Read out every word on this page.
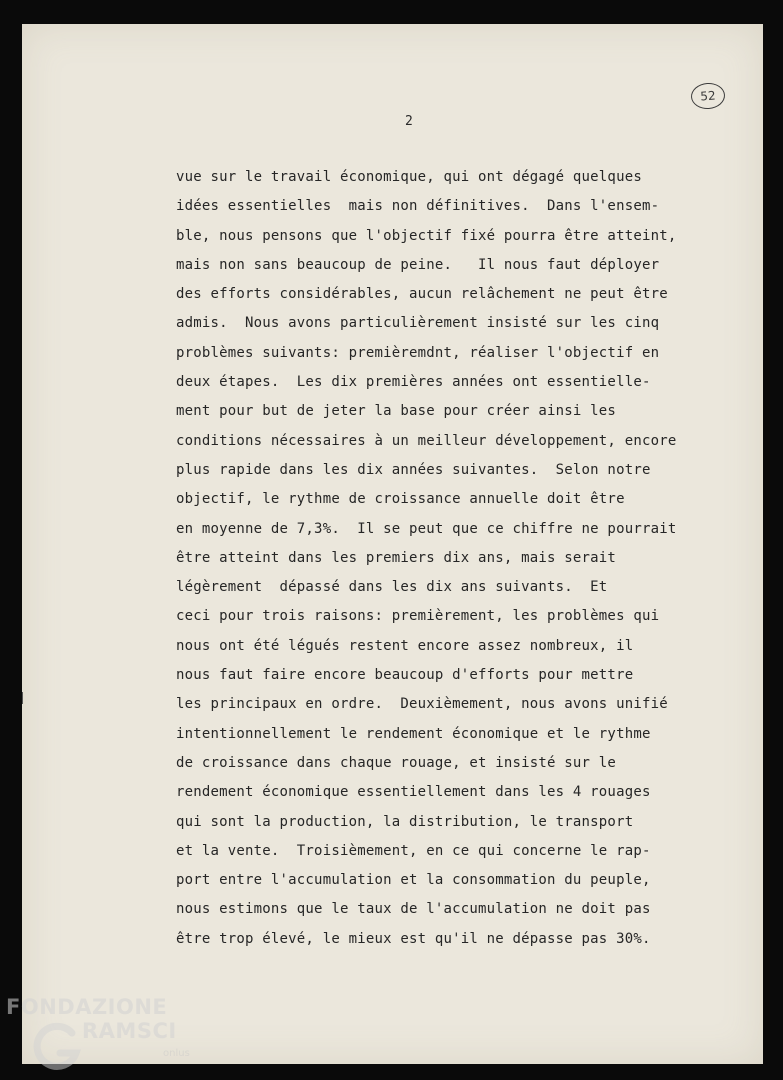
52
2
vue sur le travail économique, qui ont dégagé quelques
idées essentielles  mais non définitives.  Dans l'ensem-
ble, nous pensons que l'objectif fixé pourra être atteint,
mais non sans beaucoup de peine.   Il nous faut déployer
des efforts considérables, aucun relâchement ne peut être
admis.  Nous avons particulièrement insisté sur les cinq
problèmes suivants: premièremdnt, réaliser l'objectif en
deux étapes.  Les dix premières années ont essentielle-
ment pour but de jeter la base pour créer ainsi les
conditions nécessaires à un meilleur développement, encore
plus rapide dans les dix années suivantes.  Selon notre
objectif, le rythme de croissance annuelle doit être
en moyenne de 7,3%.  Il se peut que ce chiffre ne pourrait
être atteint dans les premiers dix ans, mais serait
légèrement  dépassé dans les dix ans suivants.  Et
ceci pour trois raisons: premièrement, les problèmes qui
nous ont été légués restent encore assez nombreux, il
nous faut faire encore beaucoup d'efforts pour mettre
les principaux en ordre.  Deuxièmement, nous avons unifié
intentionnellement le rendement économique et le rythme
de croissance dans chaque rouage, et insisté sur le
rendement économique essentiellement dans les 4 rouages
qui sont la production, la distribution, le transport
et la vente.  Troisièmement, en ce qui concerne le rap-
port entre l'accumulation et la consommation du peuple,
nous estimons que le taux de l'accumulation ne doit pas
être trop élevé, le mieux est qu'il ne dépasse pas 30%.
FONDAZIONE
RAMSCI
onlus
